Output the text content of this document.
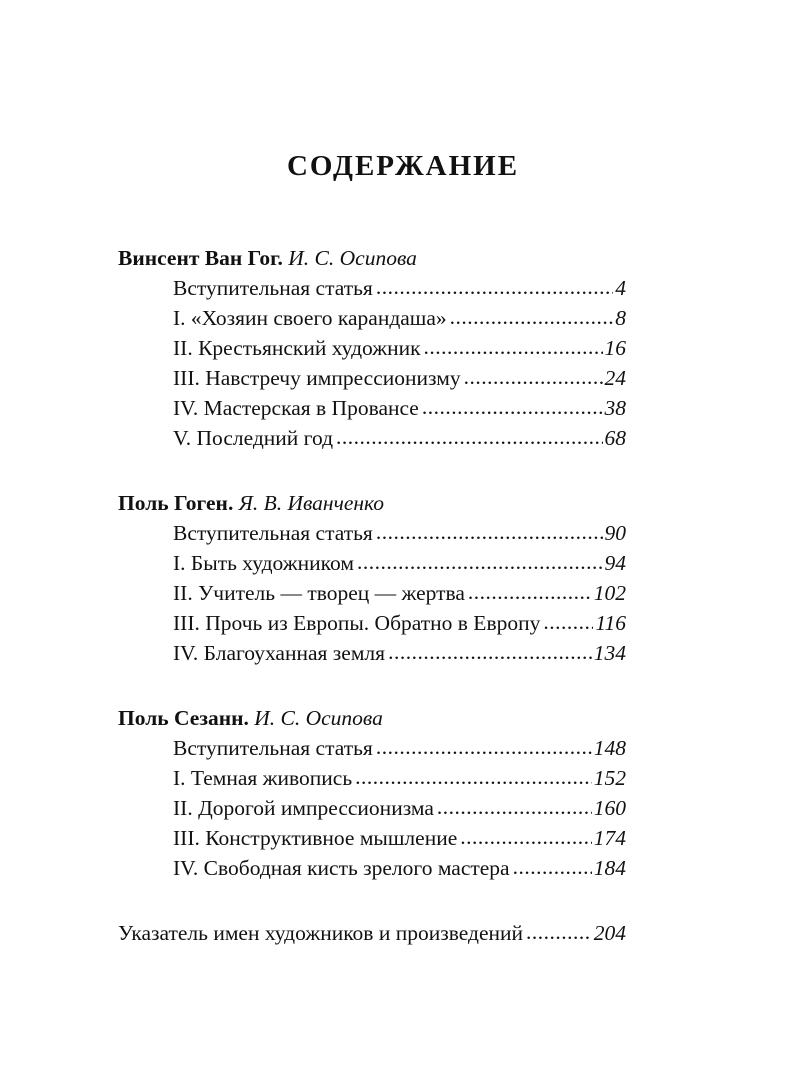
СОДЕРЖАНИЕ
Винсент Ван Гог. И. С. Осипова
Вступительная статья .....	4
I. «Хозяин своего карандаша» .....	8
II. Крестьянский художник .....	16
III. Навстречу импрессионизму .....	24
IV. Мастерская в Провансе .....	38
V. Последний год .....	68
Поль Гоген. Я. В. Иванченко
Вступительная статья .....	90
I. Быть художником .....	94
II. Учитель — творец — жертва .....	102
III. Прочь из Европы. Обратно в Европу .....	116
IV. Благоуханная земля .....	134
Поль Сезанн. И. С. Осипова
Вступительная статья .....	148
I. Темная живопись .....	152
II. Дорогой импрессионизма .....	160
III. Конструктивное мышление .....	174
IV. Свободная кисть зрелого мастера .....	184
Указатель имен художников и произведений .....	204
